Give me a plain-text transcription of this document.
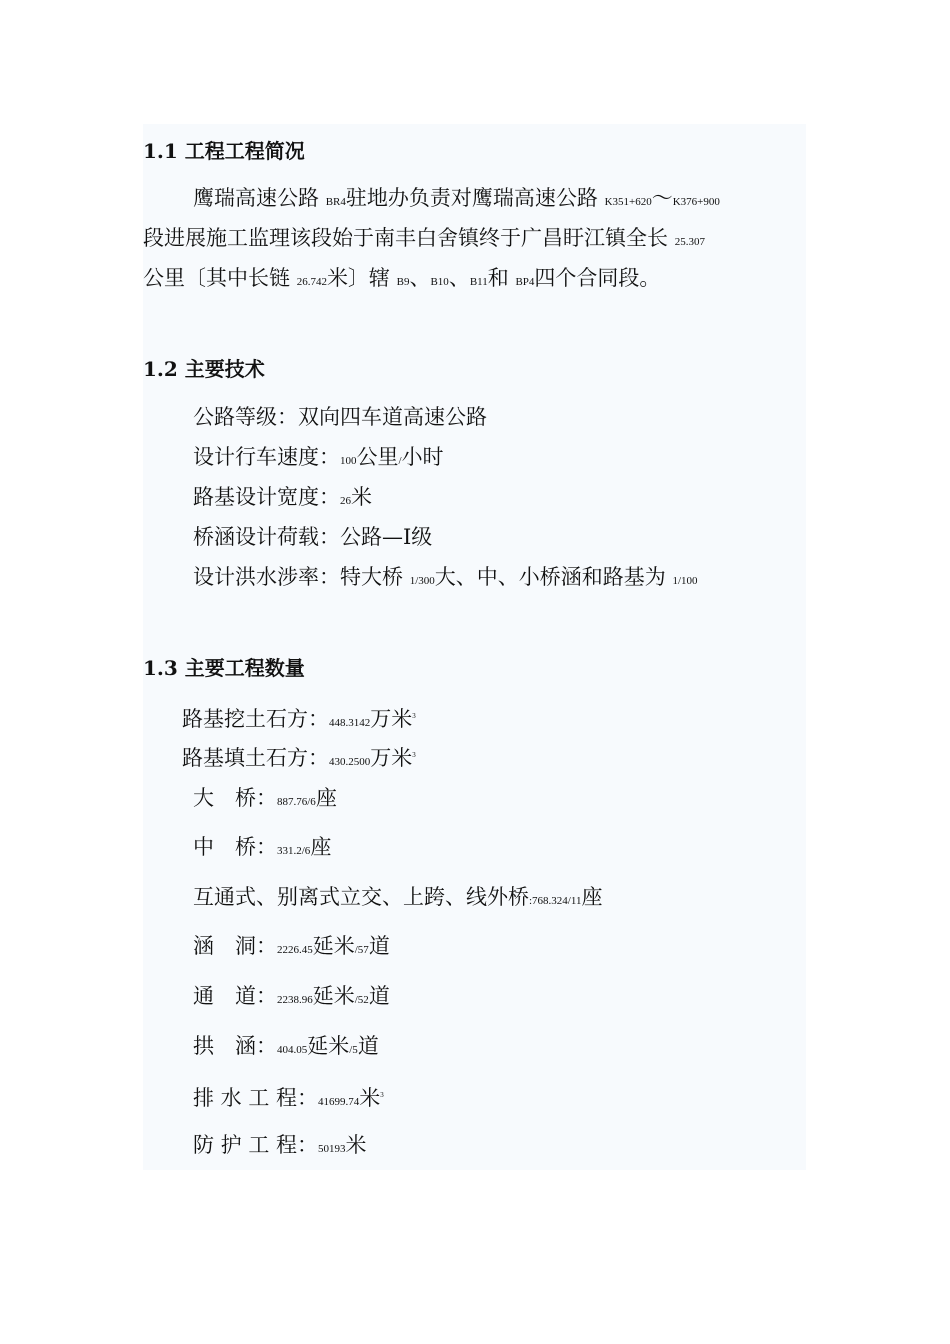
1.1 工程工程简况
鹰瑞高速公路 BR4驻地办负责对鹰瑞高速公路 K351+620～K376+900
段进展施工监理该段始于南丰白舍镇终于广昌盱江镇全长 25.307
公里〔其中长链 26.742米〕辖 B9、B10、B11和 BP4四个合同段。
1.2 主要技术
公路等级：双向四车道高速公路
设计行车速度：100公里/小时
路基设计宽度：26米
桥涵设计荷载：公路—Ⅰ级
设计洪水涉率：特大桥 1/300大、中、小桥涵和路基为 1/100
1.3 主要工程数量
路基挖土石方：448.3142万米$^3$
路基填土石方：430.2500万米$^3$
大　桥：887.76/6座
中　桥：331.2/6座
互通式、别离式立交、上跨、线外桥:768.324/11座
涵　洞：2226.45延米/57道
通　道：2238.96延米/52道
拱　涵：404.05延米/5道
排 水 工 程：41699.74米$^3$
防 护 工 程：50193米
